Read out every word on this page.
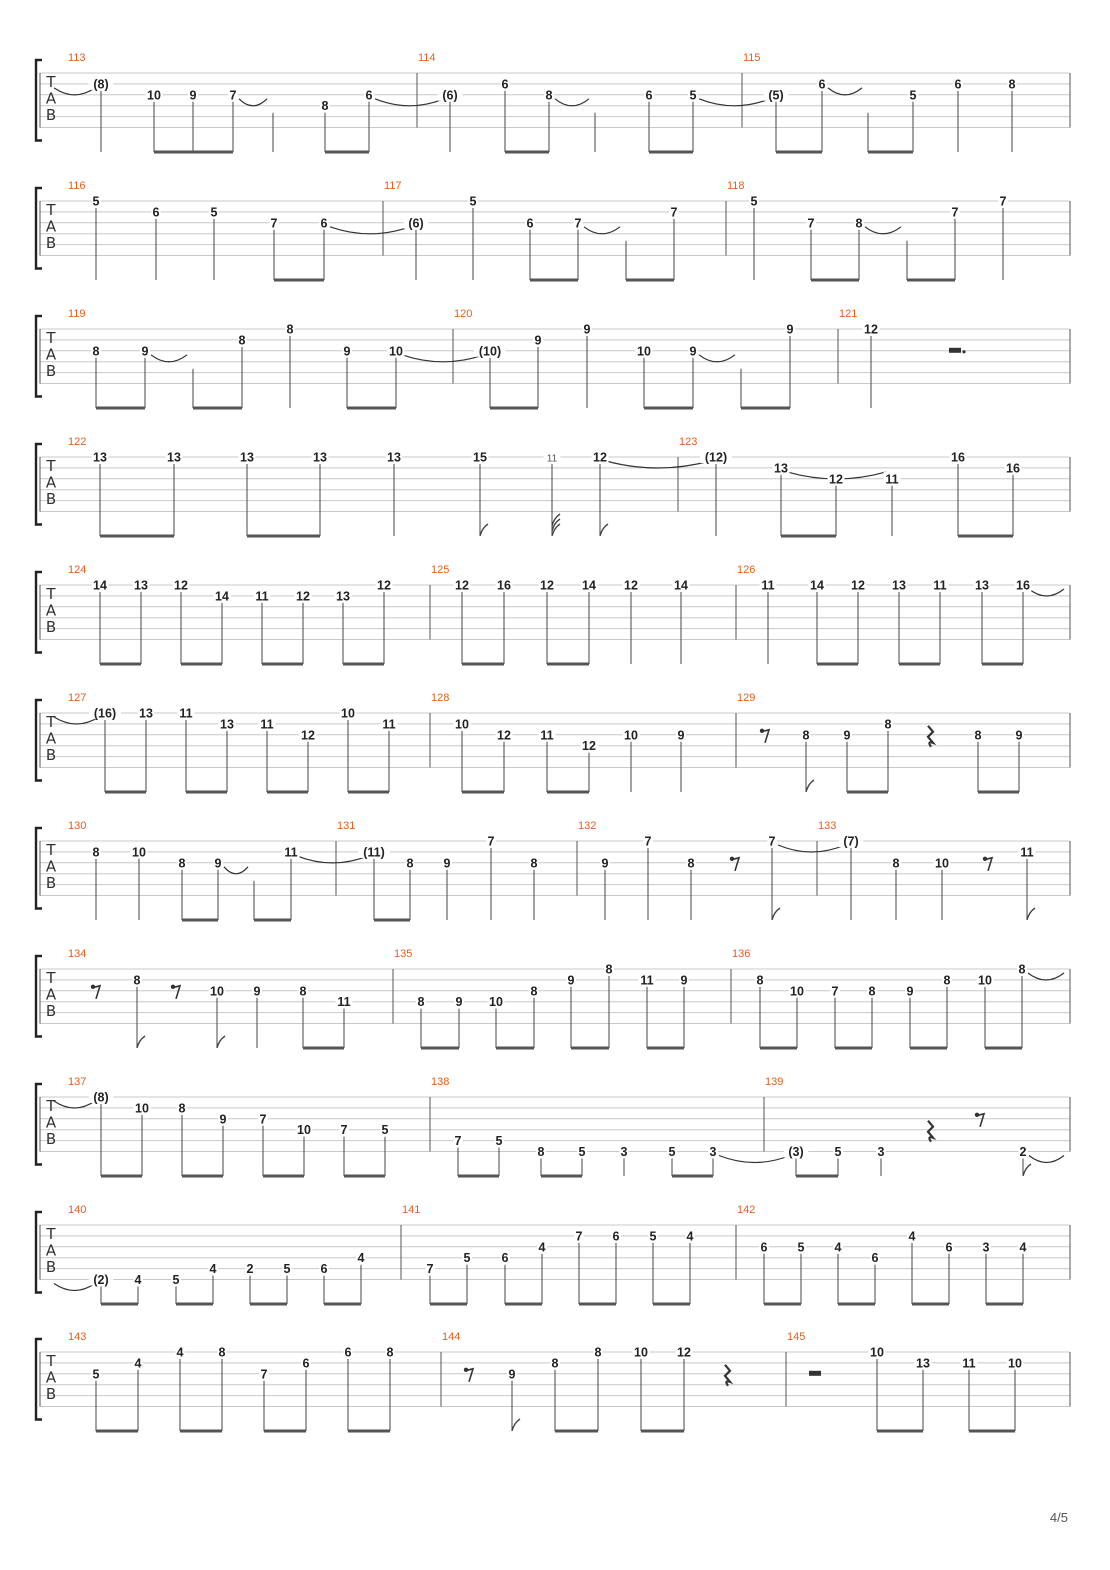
T
A
B
113	114	115
(8)
10 9	7
8
6	(6)
6
8	6	5	(5)
6
5
6	8
T
A
B
116	117	118
5
6	5
7	6	(6)
5
6	7
7
5
7	8
7
7
T
A
B
119	120	121
8	9
8
8
9	10	(10)
9
9
10	9
9	12
T
A
B
122	123
13	13	13	13	13	15	11	12	(12)
13
12	11
16
16
T
A
B
124	125	126
14 13 12
14 11 12 13
12	12 16 12 14 12	14	11	14 12 13 11 13 16
T
A
B
127	128	129
(16) 13 11
13 11
12
10
11	10
12 11
12
10	9	8	9
8
8	9
T
A
B
130	131	132	133
8	10
8 9
11	(11)
8 9
7
8	9
7
8
7	(7)
8	10
11
T
A
B
134	135	136
8
10 9	8
11	8 9 10
8
9
8
11 9	8
10 7 8 9
8 10
8
T
A
B
137	138	139
(8)
10 8
9	7
10 7	5
7	5
8	5	3	5	3	(3) 5	3	2
T
A
B
140	141	142
(2) 4 5
4 2 5 6
4
7
5 6
4
7 6 5 4
6 5 4
6
4
6 3 4
T
A
B
143	144	145
5
4
4	8
7
6
6	8
9
8
8	10 12	10
13	11	10
4/5
